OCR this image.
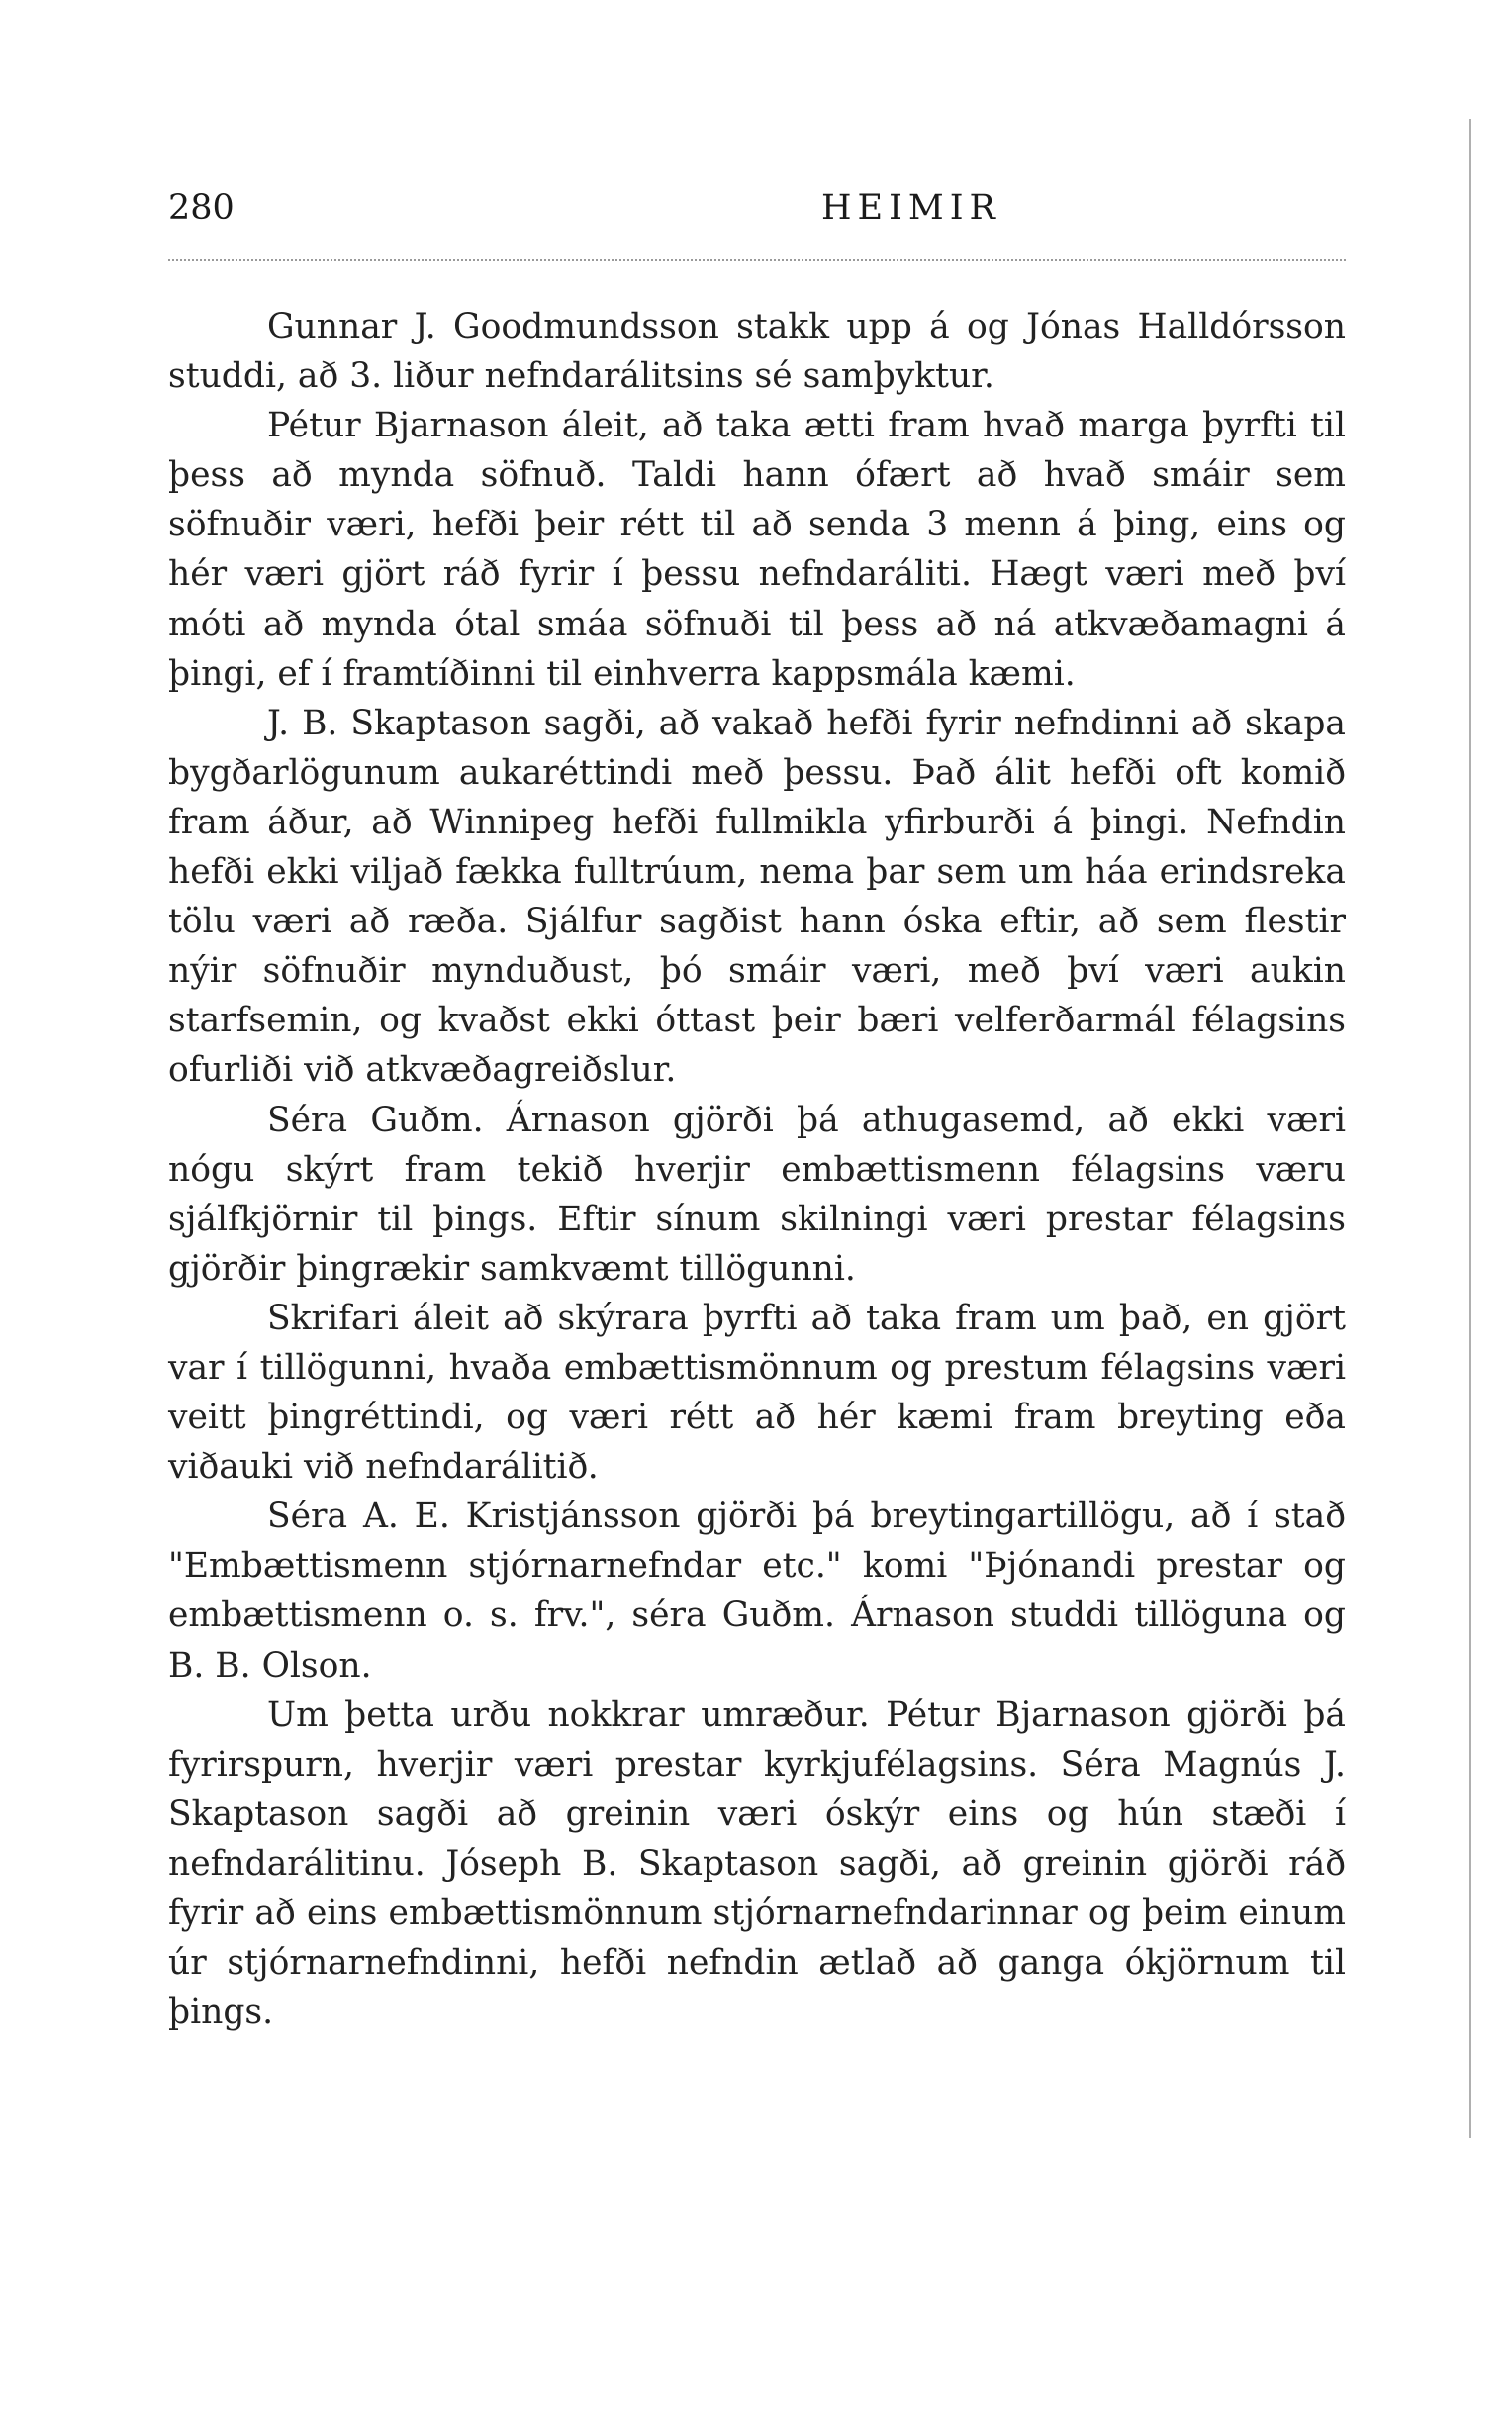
280	HEIMIR

Gunnar J. Goodmundsson stakk upp á og Jónas Halldórsson studdi, að 3. liður nefndarálitsins sé samþyktur.

Pétur Bjarnason áleit, að taka ætti fram hvað marga þyrfti til þess að mynda söfnuð. Taldi hann ófært að hvað smáir sem söfnuðir væri, hefði þeir rétt til að senda 3 menn á þing, eins og hér væri gjört ráð fyrir í þessu nefndaráliti. Hægt væri með því móti að mynda ótal smáa söfnuði til þess að ná atkvæðamagni á þingi, ef í framtíðinni til einhverra kappsmála kæmi.

J. B. Skaptason sagði, að vakað hefði fyrir nefndinni að skapa bygðarlögunum aukaréttindi með þessu. Það álit hefði oft komið fram áður, að Winnipeg hefði fullmikla yfirburði á þingi. Nefndin hefði ekki viljað fækka fulltrúum, nema þar sem um háa erindsreka tölu væri að ræða. Sjálfur sagðist hann óska eftir, að sem flestir nýir söfnuðir mynduðust, þó smáir væri, með því væri aukin starfsemin, og kvaðst ekki óttast þeir bæri velferðarmál félagsins ofurliði við atkvæðagreiðslur.

Séra Guðm. Árnason gjörði þá athugasemd, að ekki væri nógu skýrt fram tekið hverjir embættismenn félagsins væru sjálfkjörnir til þings. Eftir sínum skilningi væri prestar félagsins gjörðir þingrækir samkvæmt tillögunni.

Skrifari áleit að skýrara þyrfti að taka fram um það, en gjört var í tillögunni, hvaða embættismönnum og prestum félagsins væri veitt þingréttindi, og væri rétt að hér kæmi fram breyting eða viðauki við nefndarálitið.

Séra A. E. Kristjánsson gjörði þá breytingartillögu, að í stað "Embættismenn stjórnarnefndar etc." komi "Þjónandi prestar og embættismenn o. s. frv.", séra Guðm. Árnason studdi tillöguna og B. B. Olson.

Um þetta urðu nokkrar umræður. Pétur Bjarnason gjörði þá fyrirspurn, hverjir væri prestar kyrkjufélagsins. Séra Magnús J. Skaptason sagði að greinin væri óskýr eins og hún stæði í nefndarálitinu. Jóseph B. Skaptason sagði, að greinin gjörði ráð fyrir að eins embættismönnum stjórnarnefndarinnar og þeim einum úr stjórnarnefndinni, hefði nefndin ætlað að ganga ókjörnum til þings.
